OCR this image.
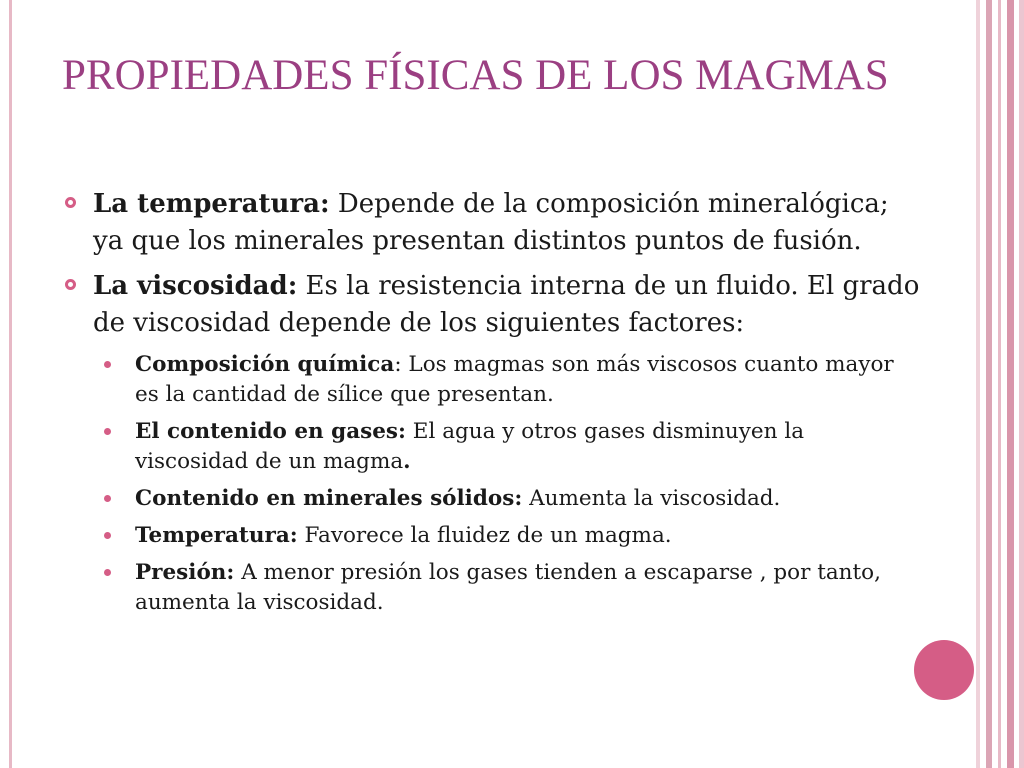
PROPIEDADES FÍSICAS DE LOS MAGMAS
La temperatura: Depende de la composición mineralógica; ya que los minerales presentan distintos puntos de fusión.
La viscosidad: Es la resistencia interna de un fluido. El grado de viscosidad depende de los siguientes factores:
Composición química: Los magmas son más viscosos cuanto mayor es la cantidad de sílice que presentan.
El contenido en gases: El agua y otros gases disminuyen la viscosidad de un magma.
Contenido en minerales sólidos: Aumenta la viscosidad.
Temperatura: Favorece la fluidez de un magma.
Presión: A menor presión los gases tienden a escaparse , por tanto, aumenta la viscosidad.
